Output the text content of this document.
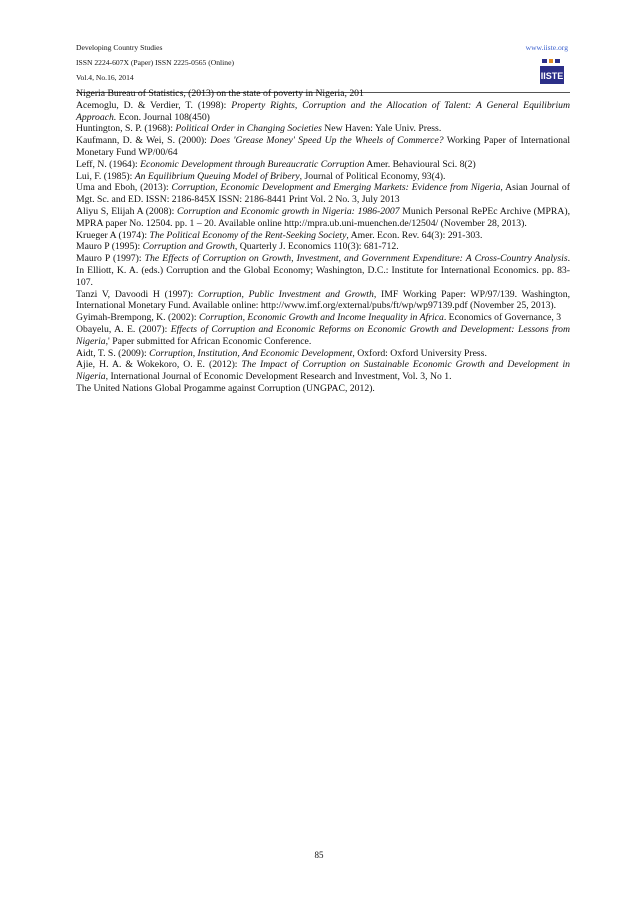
Developing Country Studies
ISSN 2224-607X (Paper) ISSN 2225-0565 (Online)
Vol.4, No.16, 2014
www.iiste.org
IISTE

Nigeria Bureau of Statistics, (2013) on the state of poverty in Nigeria, 201

Acemoglu, D. & Verdier, T. (1998): Property Rights, Corruption and the Allocation of Talent: A General Equilibrium Approach. Econ. Journal 108(450)

Huntington, S. P. (1968): Political Order in Changing Societies New Haven: Yale Univ. Press.

Kaufmann, D. & Wei, S. (2000): Does 'Grease Money' Speed Up the Wheels of Commerce? Working Paper of International Monetary Fund WP/00/64

Leff, N. (1964): Economic Development through Bureaucratic Corruption Amer. Behavioural Sci. 8(2)

Lui, F. (1985): An Equilibrium Queuing Model of Bribery, Journal of Political Economy, 93(4).

Uma and Eboh, (2013): Corruption, Economic Development and Emerging Markets: Evidence from Nigeria, Asian Journal of Mgt. Sc. and ED. ISSN: 2186-845X ISSN: 2186-8441 Print Vol. 2 No. 3, July 2013

Aliyu S, Elijah A (2008): Corruption and Economic growth in Nigeria: 1986-2007 Munich Personal RePEc Archive (MPRA), MPRA paper No. 12504. pp. 1 – 20. Available online http://mpra.ub.uni-muenchen.de/12504/ (November 28, 2013).

Krueger A (1974): The Political Economy of the Rent-Seeking Society, Amer. Econ. Rev. 64(3): 291-303.

Mauro P (1995): Corruption and Growth, Quarterly J. Economics 110(3): 681-712.

Mauro P (1997): The Effects of Corruption on Growth, Investment, and Government Expenditure: A Cross-Country Analysis. In Elliott, K. A. (eds.) Corruption and the Global Economy; Washington, D.C.: Institute for International Economics. pp. 83-107.

Tanzi V, Davoodi H (1997): Corruption, Public Investment and Growth, IMF Working Paper: WP/97/139. Washington, International Monetary Fund. Available online: http://www.imf.org/external/pubs/ft/wp/wp97139.pdf (November 25, 2013).

Gyimah-Brempong, K. (2002): Corruption, Economic Growth and Income Inequality in Africa. Economics of Governance, 3

Obayelu, A. E. (2007): Effects of Corruption and Economic Reforms on Economic Growth and Development: Lessons from Nigeria,' Paper submitted for African Economic Conference.

Aidt, T. S. (2009): Corruption, Institution, And Economic Development, Oxford: Oxford University Press.

Ajie, H. A. & Wokekoro, O. E. (2012): The Impact of Corruption on Sustainable Economic Growth and Development in Nigeria, International Journal of Economic Development Research and Investment, Vol. 3, No 1.

The United Nations Global Progamme against Corruption (UNGPAC, 2012).

85
